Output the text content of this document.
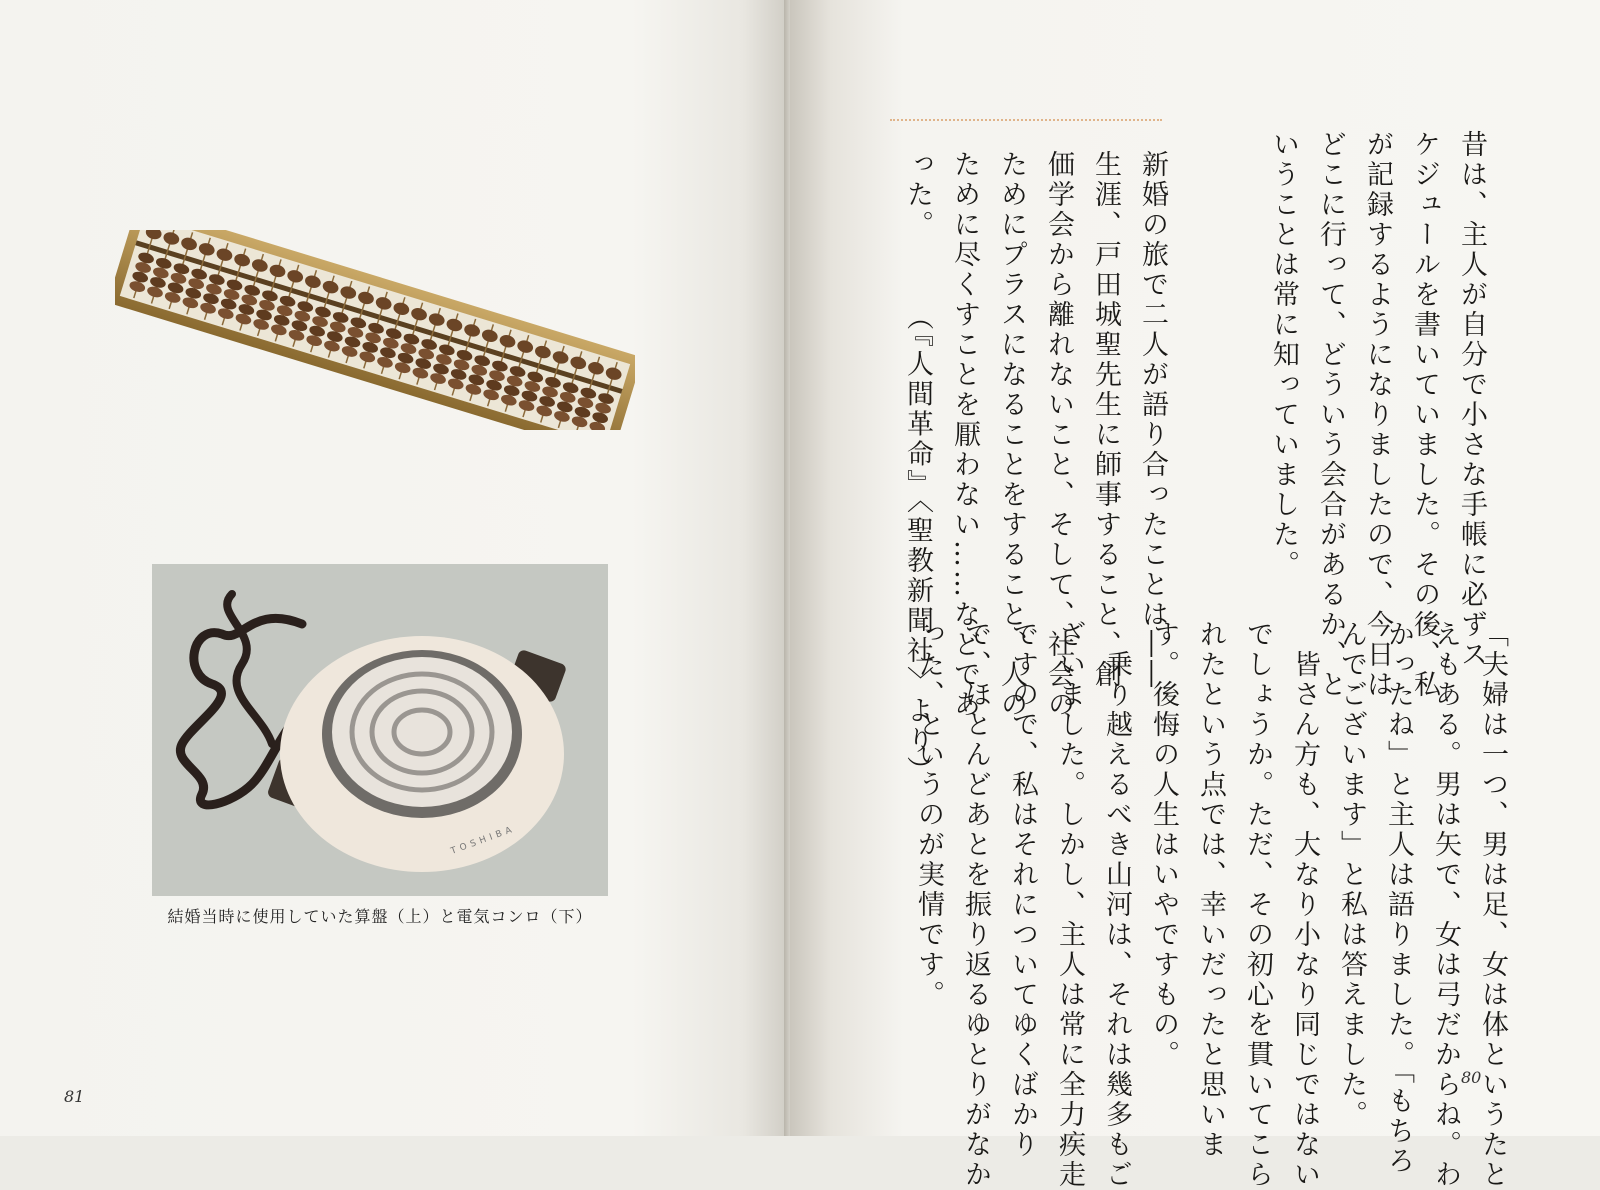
TOSHIBA
結婚当時に使用していた算盤（上）と電気コンロ（下）
81
新婚の旅で二人が語り合ったことは――
生涯、戸田城聖先生に師事すること、創
価学会から離れないこと、そして、社会の
ためにプラスになることをすること、人の
ために尽くすことを厭わない……などであ
った。　　　（『人間革命』〈聖教新聞社〉より）	昔は、主人が自分で小さな手帳に必ずス
ケジュールを書いていました。その後、私
が記録するようになりましたので、今日は
どこに行って、どういう会合があるか、と
いうことは常に知っていました。
「夫婦は一つ、男は足、女は体というたと
えもある。男は矢で、女は弓だからね。わ
かったね」と主人は語りました。「もちろ
んでございます」と私は答えました。
　皆さん方も、大なり小なり同じではない
でしょうか。ただ、その初心を貫いてこら
れたという点では、幸いだったと思いま
す。後悔の人生はいやですもの。
　乗り越えるべき山河は、それは幾多もご
ざいました。しかし、主人は常に全力疾走
ですので、私はそれについてゆくばかり
で、ほとんどあとを振り返るゆとりがなか
った、というのが実情です。
80
